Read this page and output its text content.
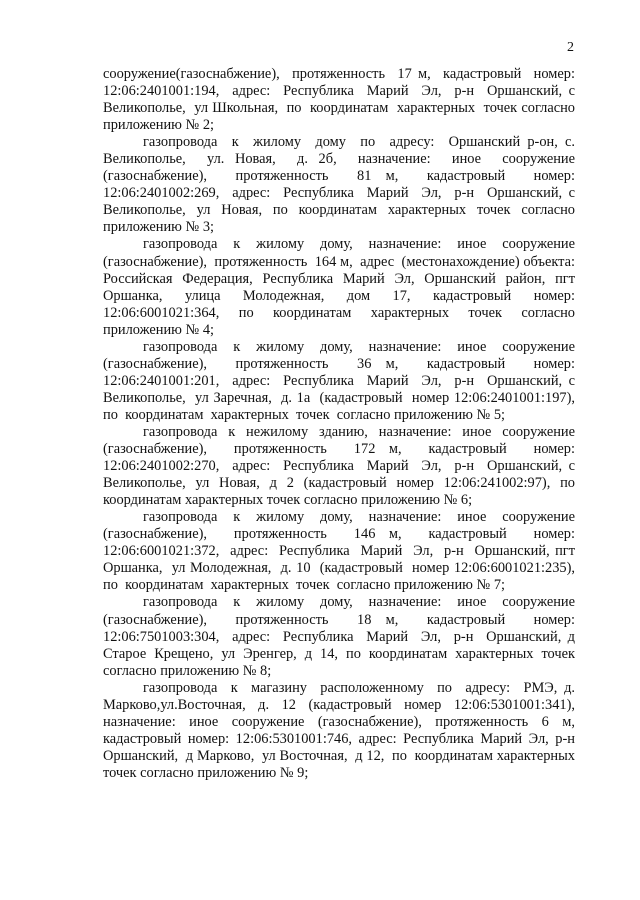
2

сооружение(газоснабжение),  протяженность  17 м,  кадастровый  номер: 12:06:2401001:194,  адрес:  Республика  Марий  Эл,  р-н  Оршанский, с Великополье,  ул Школьная,  по  координатам  характерных  точек согласно приложению № 2;

газопровода  к  жилому  дому  по  адресу:  Оршанский р-он, с. Великополье,  ул. Новая,  д. 2б,  назначение:  иное  сооружение (газоснабжение),  протяженность  81 м,  кадастровый  номер: 12:06:2401002:269,  адрес:  Республика  Марий  Эл,  р-н  Оршанский, с Великополье, ул Новая, по координатам характерных точек согласно приложению № 3;

газопровода  к  жилому  дому,  назначение:  иное  сооружение (газоснабжение),  протяженность  164 м,  адрес  (местонахождение) объекта: Российская Федерация, Республика Марий Эл, Оршанский район, пгт Оршанка, улица Молодежная, дом 17, кадастровый номер: 12:06:6001021:364,  по  координатам  характерных  точек  согласно приложению № 4;

газопровода  к  жилому  дому,  назначение:  иное  сооружение (газоснабжение),  протяженность  36 м,  кадастровый  номер: 12:06:2401001:201,  адрес:  Республика  Марий  Эл,  р-н  Оршанский, с Великополье,  ул Заречная,  д. 1а  (кадастровый  номер 12:06:2401001:197),  по  координатам  характерных  точек  согласно приложению № 5;

газопровода  к  нежилому  зданию,  назначение:  иное  сооружение (газоснабжение),  протяженность  172 м,  кадастровый  номер: 12:06:2401002:270,  адрес:  Республика  Марий  Эл,  р-н  Оршанский, с Великополье, ул Новая, д 2 (кадастровый номер 12:06:241002:97), по координатам характерных точек согласно приложению № 6;

газопровода  к  жилому  дому,  назначение:  иное  сооружение (газоснабжение),  протяженность  146 м,  кадастровый  номер: 12:06:6001021:372,  адрес:  Республика  Марий  Эл,  р-н  Оршанский, пгт Оршанка,  ул Молодежная,  д. 10  (кадастровый  номер 12:06:6001021:235),  по  координатам  характерных  точек  согласно приложению № 7;

газопровода  к  жилому  дому,  назначение:  иное  сооружение (газоснабжение),  протяженность  18 м,  кадастровый  номер: 12:06:7501003:304,  адрес:  Республика  Марий  Эл,  р-н  Оршанский, д Старое Крещено, ул Эренгер, д 14, по координатам характерных точек согласно приложению № 8;

газопровода  к  магазину  расположенному  по  адресу:  РМЭ, д. Марково,ул.Восточная, д. 12 (кадастровый номер 12:06:5301001:341), назначение: иное сооружение (газоснабжение), протяженность 6 м, кадастровый номер: 12:06:5301001:746, адрес: Республика Марий Эл, р-н Оршанский,  д Марково,  ул Восточная,  д 12,  по  координатам характерных точек согласно приложению № 9;
